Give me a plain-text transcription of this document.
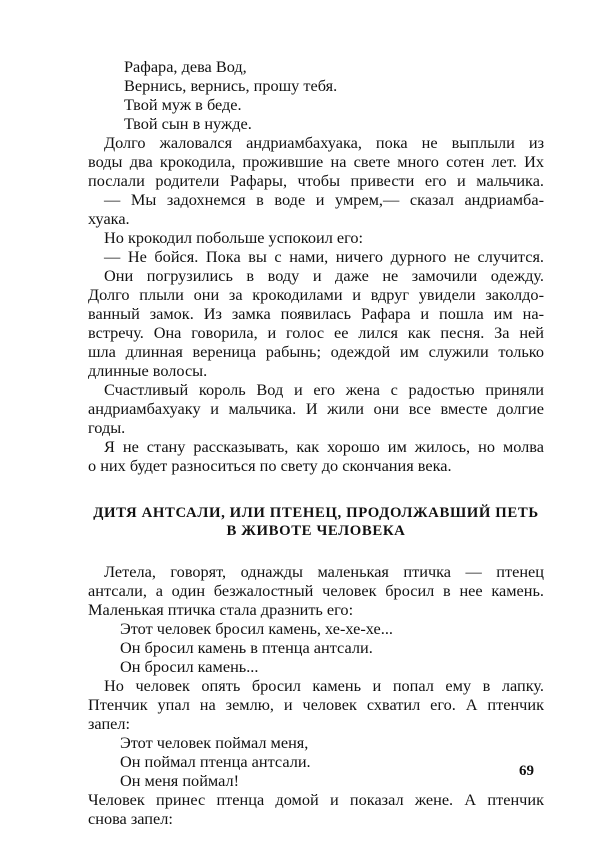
Рафара, дева Вод,
Вернись, вернись, прошу тебя.
Твой муж в беде.
Твой сын в нужде.
Долго жаловался андриамбахуака, пока не выплыли из
воды два крокодила, прожившие на свете много сотен лет. Их
послали родители Рафары, чтобы привести его и мальчика.
— Мы задохнемся в воде и умрем,— сказал андриамба-
хуака.
Но крокодил побольше успокоил его:
— Не бойся. Пока вы с нами, ничего дурного не случится.
Они погрузились в воду и даже не замочили одежду.
Долго плыли они за крокодилами и вдруг увидели заколдо-
ванный замок. Из замка появилась Рафара и пошла им на-
встречу. Она говорила, и голос ее лился как песня. За ней
шла длинная вереница рабынь; одеждой им служили только
длинные волосы.
Счастливый король Вод и его жена с радостью приняли
андриамбахуаку и мальчика. И жили они все вместе долгие
годы.
Я не стану рассказывать, как хорошо им жилось, но молва
о них будет разноситься по свету до скончания века.
ДИТЯ АНТСАЛИ, ИЛИ ПТЕНЕЦ, ПРОДОЛЖАВШИЙ ПЕТЬ
В ЖИВОТЕ ЧЕЛОВЕКА
Летела, говорят, однажды маленькая птичка — птенец
антсали, а один безжалостный человек бросил в нее камень.
Маленькая птичка стала дразнить его:
Этот человек бросил камень, хе-хе-хе...
Он бросил камень в птенца антсали.
Он бросил камень...
Но человек опять бросил камень и попал ему в лапку.
Птенчик упал на землю, и человек схватил его. А птенчик
запел:
Этот человек поймал меня,
Он поймал птенца антсали.
Он меня поймал!
Человек принес птенца домой и показал жене. А птенчик
снова запел:
69
